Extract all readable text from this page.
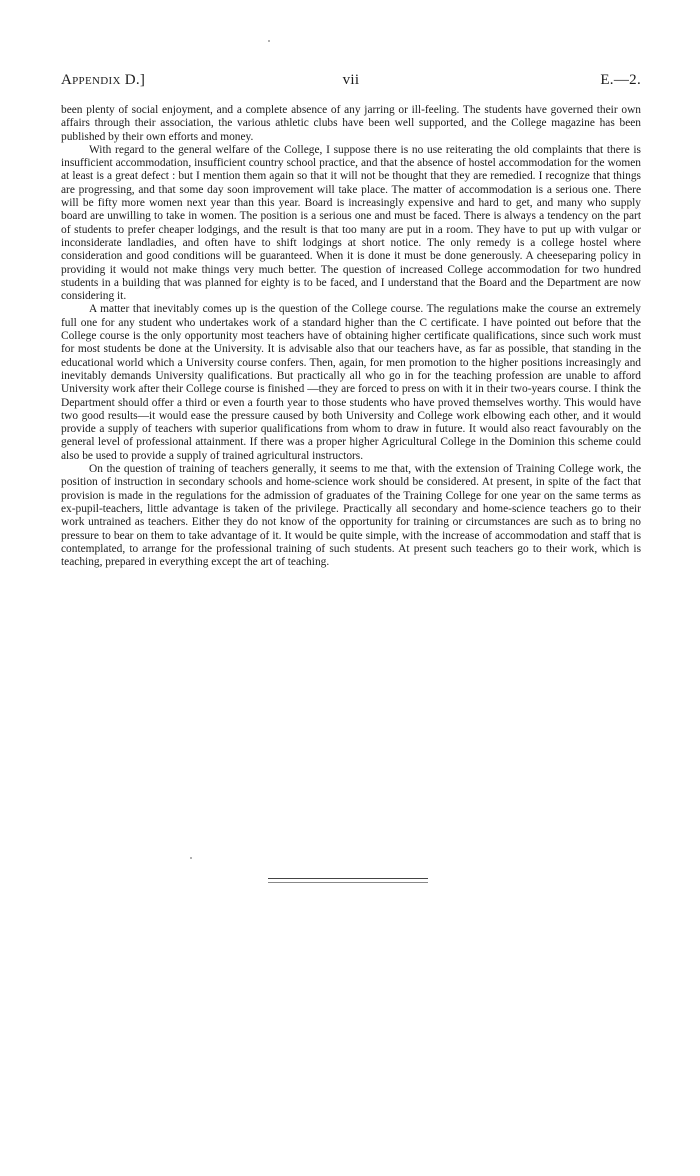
Appendix D.]	vii	E.—2.

been plenty of social enjoyment, and a complete absence of any jarring or ill-feeling. The students have governed their own affairs through their association, the various athletic clubs have been well supported, and the College magazine has been published by their own efforts and money.

With regard to the general welfare of the College, I suppose there is no use reiterating the old complaints that there is insufficient accommodation, insufficient country school practice, and that the absence of hostel accommodation for the women at least is a great defect : but I mention them again so that it will not be thought that they are remedied. I recognize that things are progressing, and that some day soon improvement will take place. The matter of accommodation is a serious one. There will be fifty more women next year than this year. Board is increasingly expensive and hard to get, and many who supply board are unwilling to take in women. The position is a serious one and must be faced. There is always a tendency on the part of students to prefer cheaper lodgings, and the result is that too many are put in a room. They have to put up with vulgar or inconsiderate landladies, and often have to shift lodgings at short notice. The only remedy is a college hostel where consideration and good conditions will be guaranteed. When it is done it must be done generously. A cheeseparing policy in providing it would not make things very much better. The question of increased College accommodation for two hundred students in a building that was planned for eighty is to be faced, and I understand that the Board and the Department are now considering it.

A matter that inevitably comes up is the question of the College course. The regulations make the course an extremely full one for any student who undertakes work of a standard higher than the C certificate. I have pointed out before that the College course is the only opportunity most teachers have of obtaining higher certificate qualifications, since such work must for most students be done at the University. It is advisable also that our teachers have, as far as possible, that standing in the educational world which a University course confers. Then, again, for men promotion to the higher positions increasingly and inevitably demands University qualifications. But practically all who go in for the teaching profession are unable to afford University work after their College course is finished —they are forced to press on with it in their two-years course. I think the Department should offer a third or even a fourth year to those students who have proved themselves worthy. This would have two good results—it would ease the pressure caused by both University and College work elbowing each other, and it would provide a supply of teachers with superior qualifications from whom to draw in future. It would also react favourably on the general level of professional attainment. If there was a proper higher Agricultural College in the Dominion this scheme could also be used to provide a supply of trained agricultural instructors.

On the question of training of teachers generally, it seems to me that, with the extension of Training College work, the position of instruction in secondary schools and home-science work should be considered. At present, in spite of the fact that provision is made in the regulations for the admission of graduates of the Training College for one year on the same terms as ex-pupil-teachers, little advantage is taken of the privilege. Practically all secondary and home-science teachers go to their work untrained as teachers. Either they do not know of the opportunity for training or circumstances are such as to bring no pressure to bear on them to take advantage of it. It would be quite simple, with the increase of accommodation and staff that is contemplated, to arrange for the professional training of such students. At present such teachers go to their work, which is teaching, prepared in everything except the art of teaching.
